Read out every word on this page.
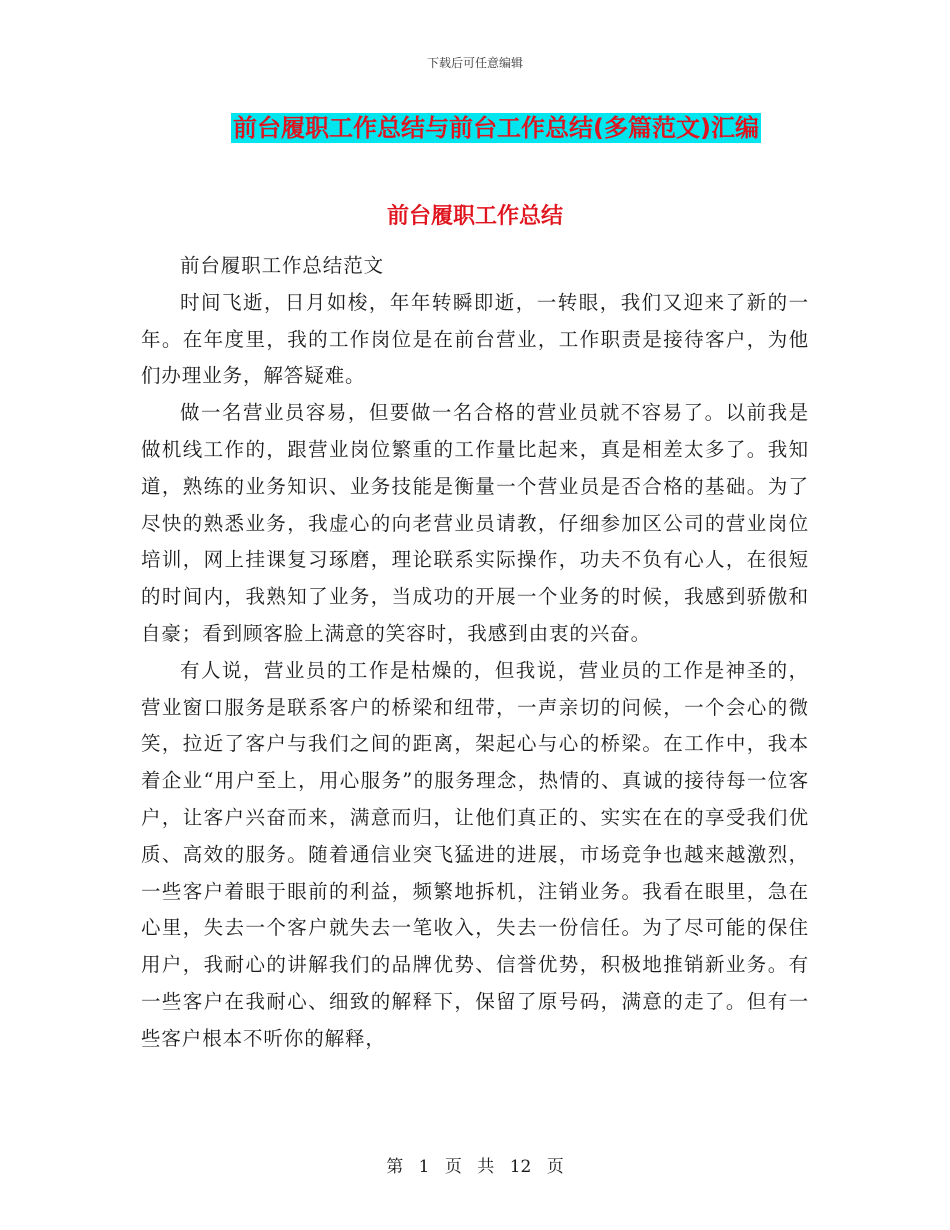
下载后可任意编辑
前台履职工作总结与前台工作总结(多篇范文)汇编
前台履职工作总结

前台履职工作总结范文

时间飞逝，日月如梭，年年转瞬即逝，一转眼，我们又迎来了新的一年。在年度里，我的工作岗位是在前台营业，工作职责是接待客户，为他们办理业务，解答疑难。

做一名营业员容易，但要做一名合格的营业员就不容易了。以前我是做机线工作的，跟营业岗位繁重的工作量比起来，真是相差太多了。我知道，熟练的业务知识、业务技能是衡量一个营业员是否合格的基础。为了尽快的熟悉业务，我虚心的向老营业员请教，仔细参加区公司的营业岗位培训，网上挂课复习琢磨，理论联系实际操作，功夫不负有心人，在很短的时间内，我熟知了业务，当成功的开展一个业务的时候，我感到骄傲和自豪；看到顾客脸上满意的笑容时，我感到由衷的兴奋。

有人说，营业员的工作是枯燥的，但我说，营业员的工作是神圣的，营业窗口服务是联系客户的桥梁和纽带，一声亲切的问候，一个会心的微笑，拉近了客户与我们之间的距离，架起心与心的桥梁。在工作中，我本着企业“用户至上，用心服务”的服务理念，热情的、真诚的接待每一位客户，让客户兴奋而来，满意而归，让他们真正的、实实在在的享受我们优质、高效的服务。随着通信业突飞猛进的进展，市场竞争也越来越激烈，一些客户着眼于眼前的利益，频繁地拆机，注销业务。我看在眼里，急在心里，失去一个客户就失去一笔收入，失去一份信任。为了尽可能的保住用户，我耐心的讲解我们的品牌优势、信誉优势，积极地推销新业务。有一些客户在我耐心、细致的解释下，保留了原号码，满意的走了。但有一些客户根本不听你的解释，

第 1 页 共 12 页
